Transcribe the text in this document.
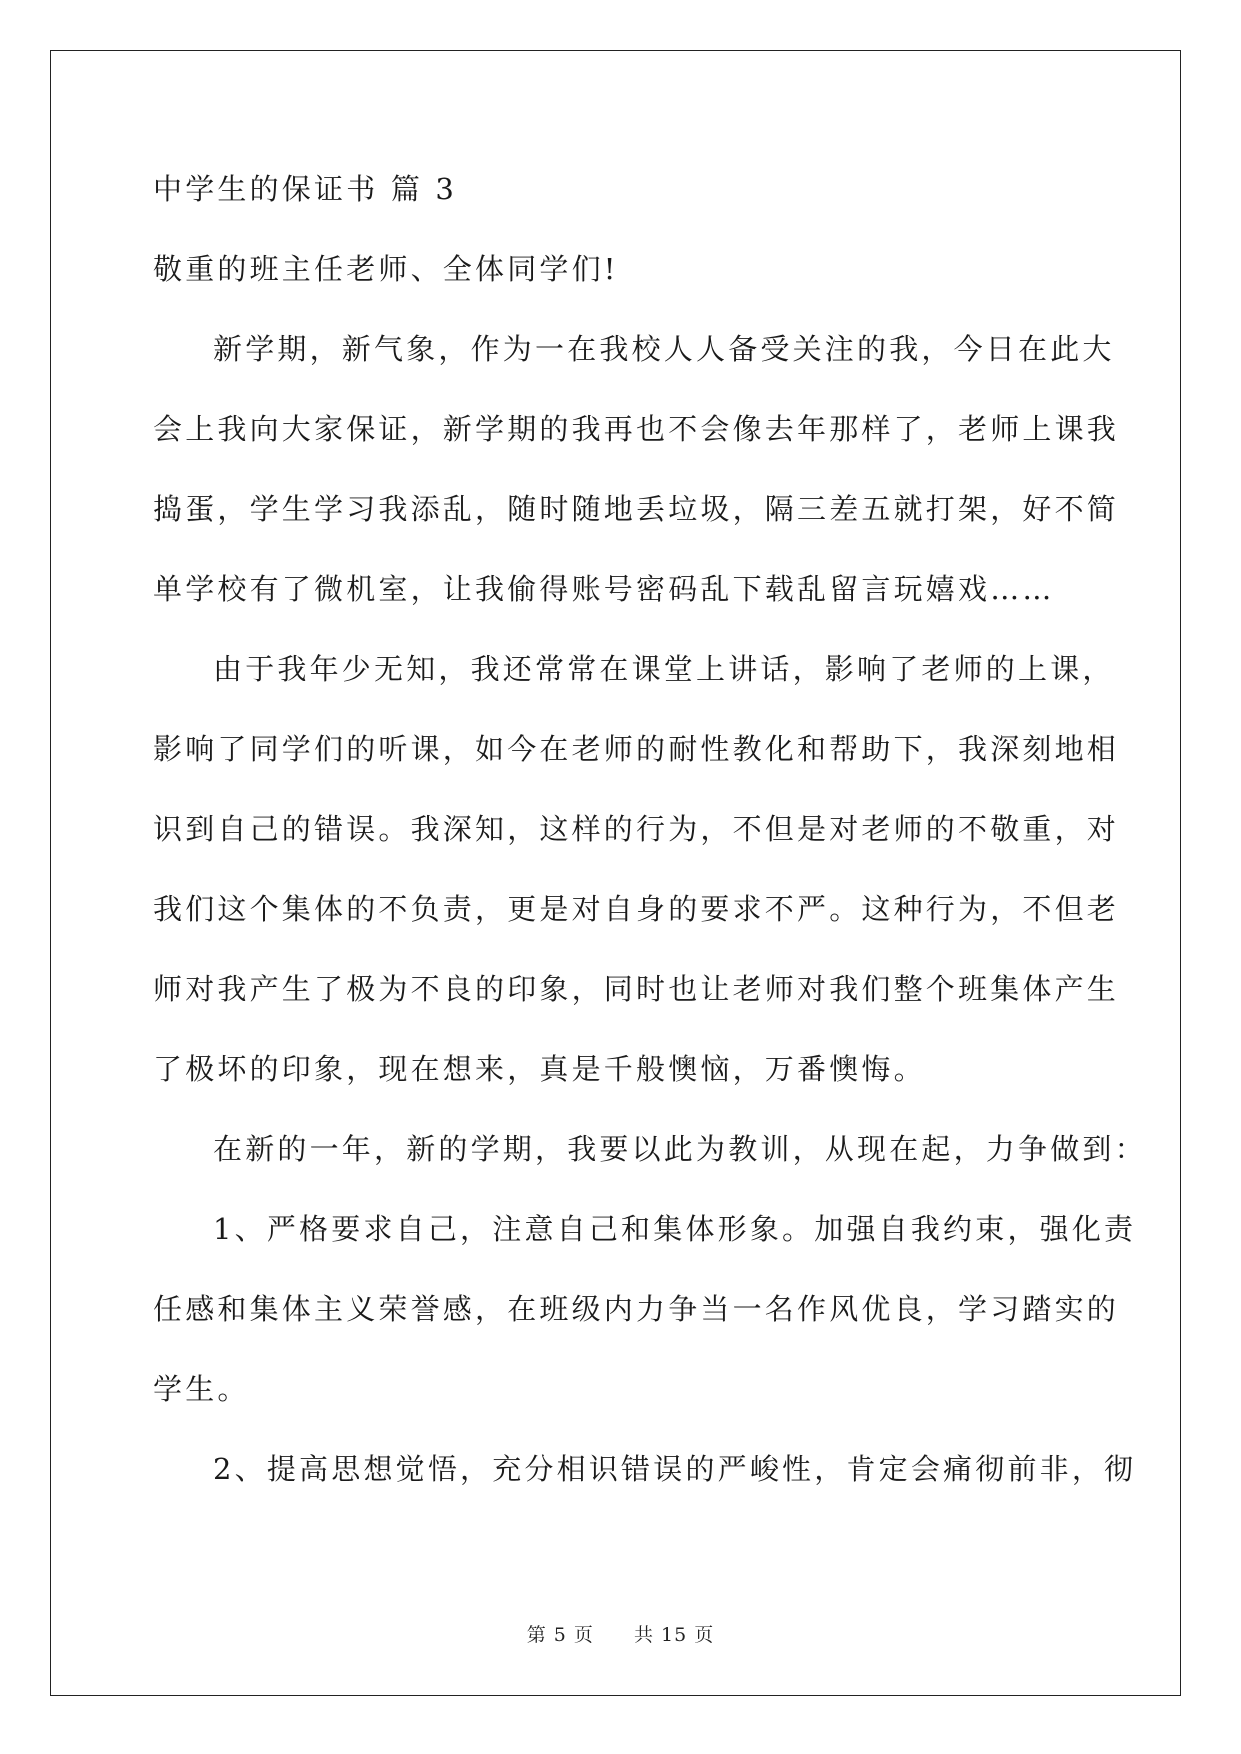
中学生的保证书 篇 3
敬重的班主任老师、全体同学们!
新学期，新气象，作为一在我校人人备受关注的我，今日在此大
会上我向大家保证，新学期的我再也不会像去年那样了，老师上课我
捣蛋，学生学习我添乱，随时随地丢垃圾，隔三差五就打架，好不简
单学校有了微机室，让我偷得账号密码乱下载乱留言玩嬉戏……
由于我年少无知，我还常常在课堂上讲话，影响了老师的上课，
影响了同学们的听课，如今在老师的耐性教化和帮助下，我深刻地相
识到自己的错误。我深知，这样的行为，不但是对老师的不敬重，对
我们这个集体的不负责，更是对自身的要求不严。这种行为，不但老
师对我产生了极为不良的印象，同时也让老师对我们整个班集体产生
了极坏的印象，现在想来，真是千般懊恼，万番懊悔。
在新的一年，新的学期，我要以此为教训，从现在起，力争做到：
1、严格要求自己，注意自己和集体形象。加强自我约束，强化责
任感和集体主义荣誉感，在班级内力争当一名作风优良，学习踏实的
学生。
2、提高思想觉悟，充分相识错误的严峻性，肯定会痛彻前非，彻
第 5 页 共 15 页
